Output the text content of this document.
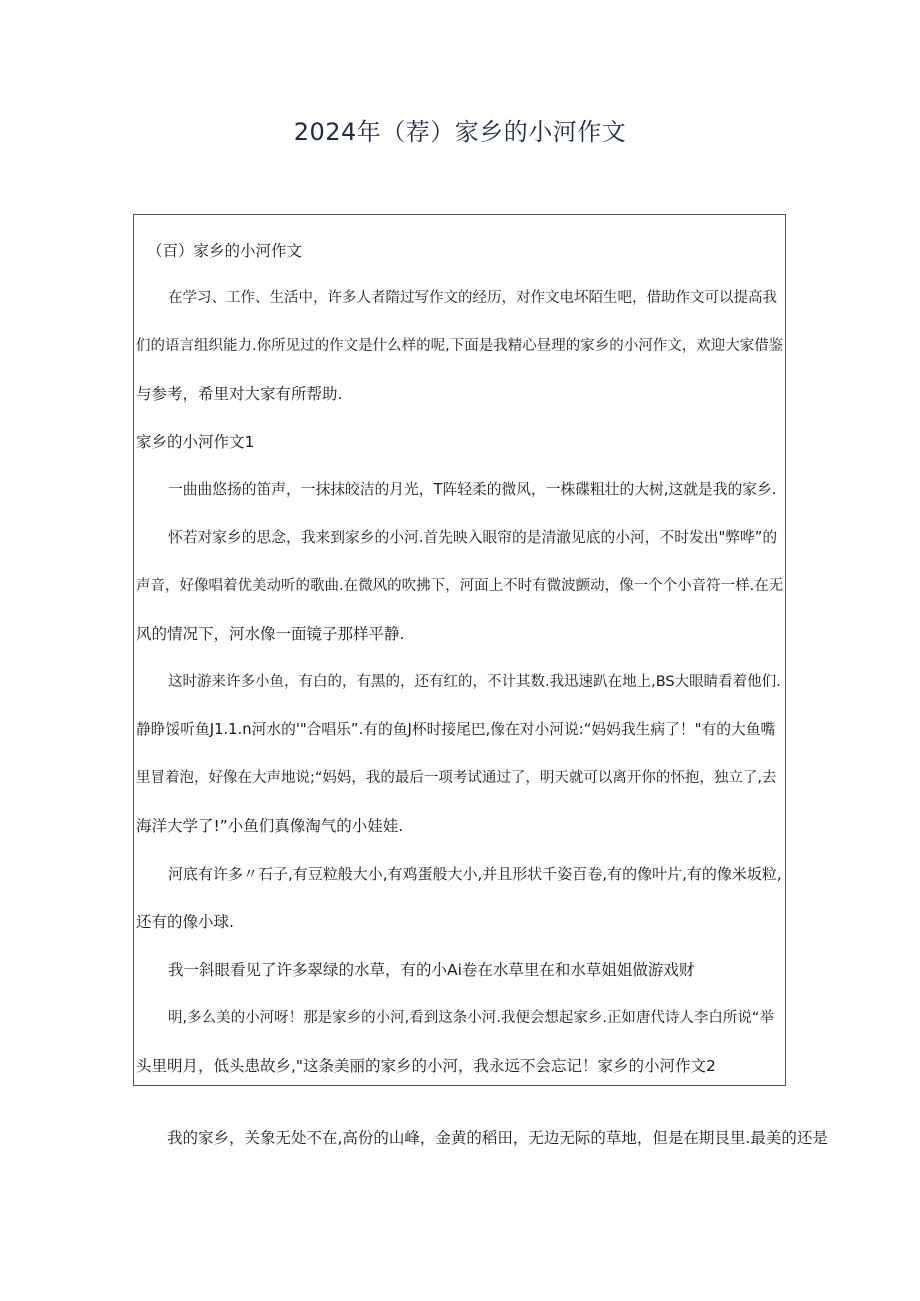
2024年（荐）家乡的小河作文
（百）家乡的小河作文
在学习、工作、生活中，许多人者隋过写作文的经历，对作文电坏陌生吧，借助作文可以提高我
们的语言组织能力.你所见过的作文是什么样的呢,下面是我精心昼理的家乡的小河作文，欢迎大家借鉴
与参考，希里对大家有所帮助.
家乡的小河作文1
一曲曲悠扬的笛声，一抹抹皎洁的月光，T阵轻柔的微风，一株碟粗壮的大树,这就是我的家乡.
怀若对家乡的思念，我来到家乡的小河.首先映入眼帘的是清澈见底的小河，不时发出"弊哗”的
声音，好像唱着优美动听的歌曲.在微风的吹拂下，河面上不时有微波颤动，像一个个小音符一样.在无
风的情况下，河水像一面镜子那样平静.
这时游来许多小鱼，有白的，有黑的，还有红的，不计其数.我迅速趴在地上,BS大眼睛看着他们.
静睁馁听鱼J1.1.n河水的'"合唱乐”.有的鱼J杯时接尾巴,像在对小河说:“妈妈我生病了！"有的大鱼嘴
里冒着泡，好像在大声地说;“妈妈，我的最后一项考试通过了，明天就可以离开你的怀抱，独立了,去
海洋大学了!”小鱼们真像淘气的小娃娃.
河底有许多〃石子,有豆粒般大小,有鸡蛋般大小,并且形状千姿百卷,有的像叶片,有的像米坂粒,
还有的像小球.
我一斜眼看见了许多翠绿的水草，有的小Ai卷在水草里在和水草姐姐做游戏财
明,多么美的小河呀！那是家乡的小河,看到这条小河.我便会想起家乡.正如唐代诗人李白所说“举
头里明月，低头患故乡,"这条美丽的家乡的小河，我永远不会忘记！家乡的小河作文2
我的家乡，关象无处不在,高份的山峰，金黄的稻田，无边无际的草地，但是在期艮里.最美的还是
